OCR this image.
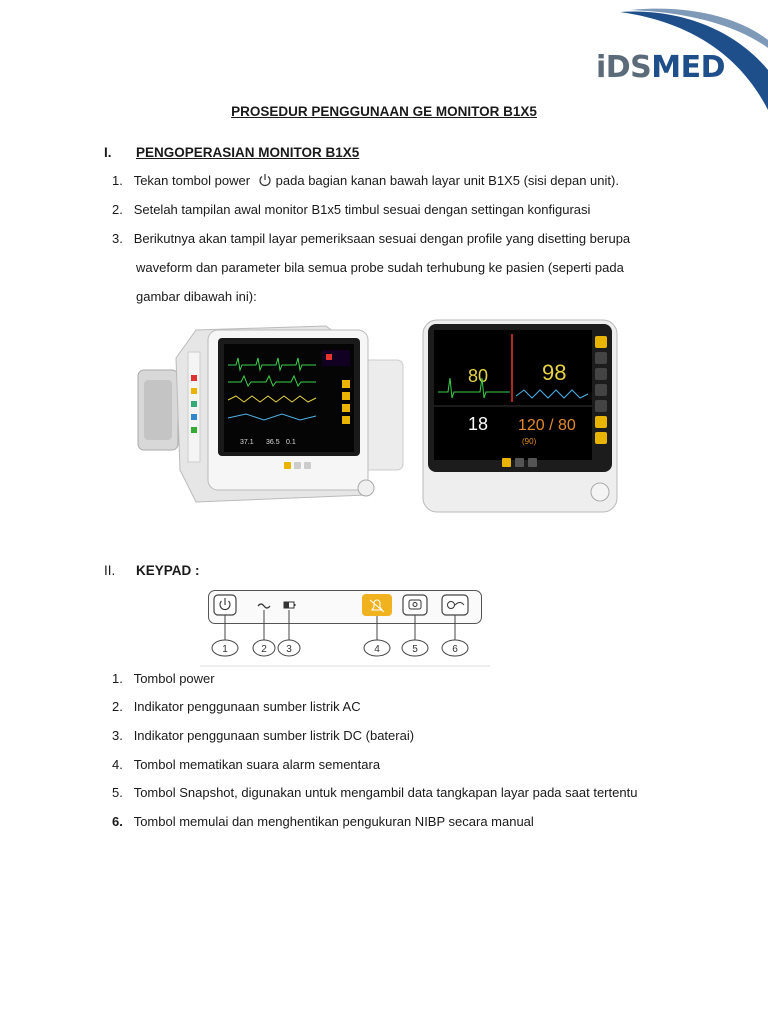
iDSMED
PROSEDUR PENGGUNAAN GE MONITOR B1X5
I. PENGOPERASIAN MONITOR B1X5
1. Tekan tombol power pada bagian kanan bawah layar unit B1X5 (sisi depan unit).
2. Setelah tampilan awal monitor B1x5 timbul sesuai dengan settingan konfigurasi
3. Berikutnya akan tampil layar pemeriksaan sesuai dengan profile yang disetting berupa
waveform dan parameter bila semua probe sudah terhubung ke pasien (seperti pada
gambar dibawah ini):
37.1 36.5 0.1
80 98
18 120 / 80
(90)
II. KEYPAD :
1	2 3	4	5	6
1. Tombol power
2. Indikator penggunaan sumber listrik AC
3. Indikator penggunaan sumber listrik DC (baterai)
4. Tombol mematikan suara alarm sementara
5. Tombol Snapshot, digunakan untuk mengambil data tangkapan layar pada saat tertentu
6. Tombol memulai dan menghentikan pengukuran NIBP secara manual
